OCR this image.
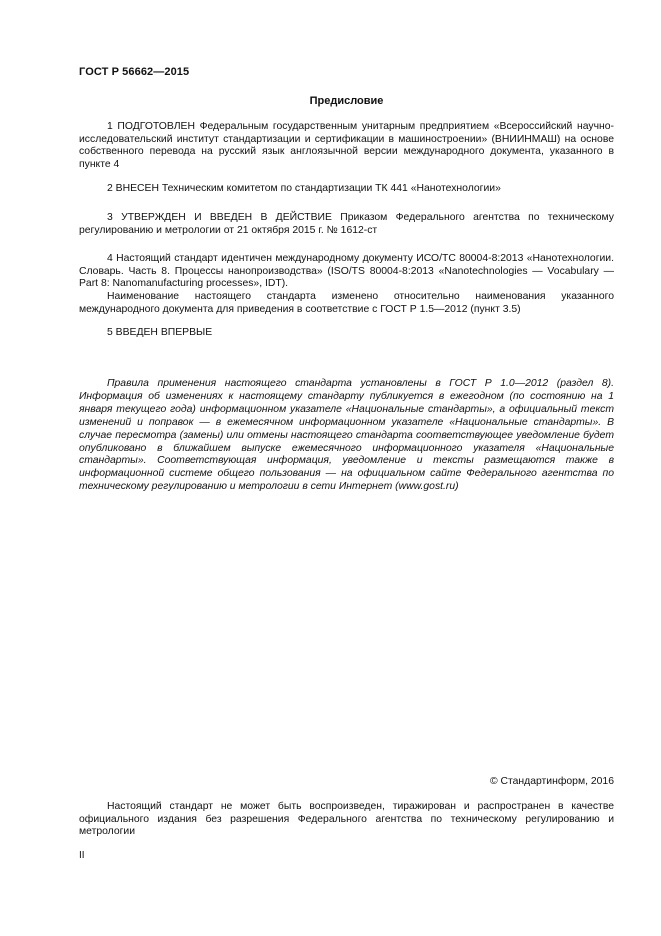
ГОСТ Р 56662—2015
Предисловие
1 ПОДГОТОВЛЕН Федеральным государственным унитарным предприятием «Всероссийский научно-исследовательский институт стандартизации и сертификации в машиностроении» (ВНИИНМАШ) на основе собственного перевода на русский язык англоязычной версии международного документа, указанного в пункте 4
2 ВНЕСЕН Техническим комитетом по стандартизации ТК 441 «Нанотехнологии»
3 УТВЕРЖДЕН И ВВЕДЕН В ДЕЙСТВИЕ Приказом Федерального агентства по техническому регулированию и метрологии от 21 октября 2015 г. № 1612-ст
4 Настоящий стандарт идентичен международному документу ИСО/ТС 80004-8:2013 «Нанотехнологии. Словарь. Часть 8. Процессы нанопроизводства» (ISO/TS 80004-8:2013 «Nanotechnologies — Vocabulary — Part 8: Nanomanufacturing processes», IDT).
Наименование настоящего стандарта изменено относительно наименования указанного международного документа для приведения в соответствие с ГОСТ Р 1.5—2012 (пункт 3.5)
5 ВВЕДЕН ВПЕРВЫЕ
Правила применения настоящего стандарта установлены в ГОСТ Р 1.0—2012 (раздел 8). Информация об изменениях к настоящему стандарту публикуется в ежегодном (по состоянию на 1 января текущего года) информационном указателе «Национальные стандарты», а официальный текст изменений и поправок — в ежемесячном информационном указателе «Национальные стандарты». В случае пересмотра (замены) или отмены настоящего стандарта соответствующее уведомление будет опубликовано в ближайшем выпуске ежемесячного информационного указателя «Национальные стандарты». Соответствующая информация, уведомление и тексты размещаются также в информационной системе общего пользования — на официальном сайте Федерального агентства по техническому регулированию и метрологии в сети Интернет (www.gost.ru)
© Стандартинформ, 2016
Настоящий стандарт не может быть воспроизведен, тиражирован и распространен в качестве официального издания без разрешения Федерального агентства по техническому регулированию и метрологии
II
